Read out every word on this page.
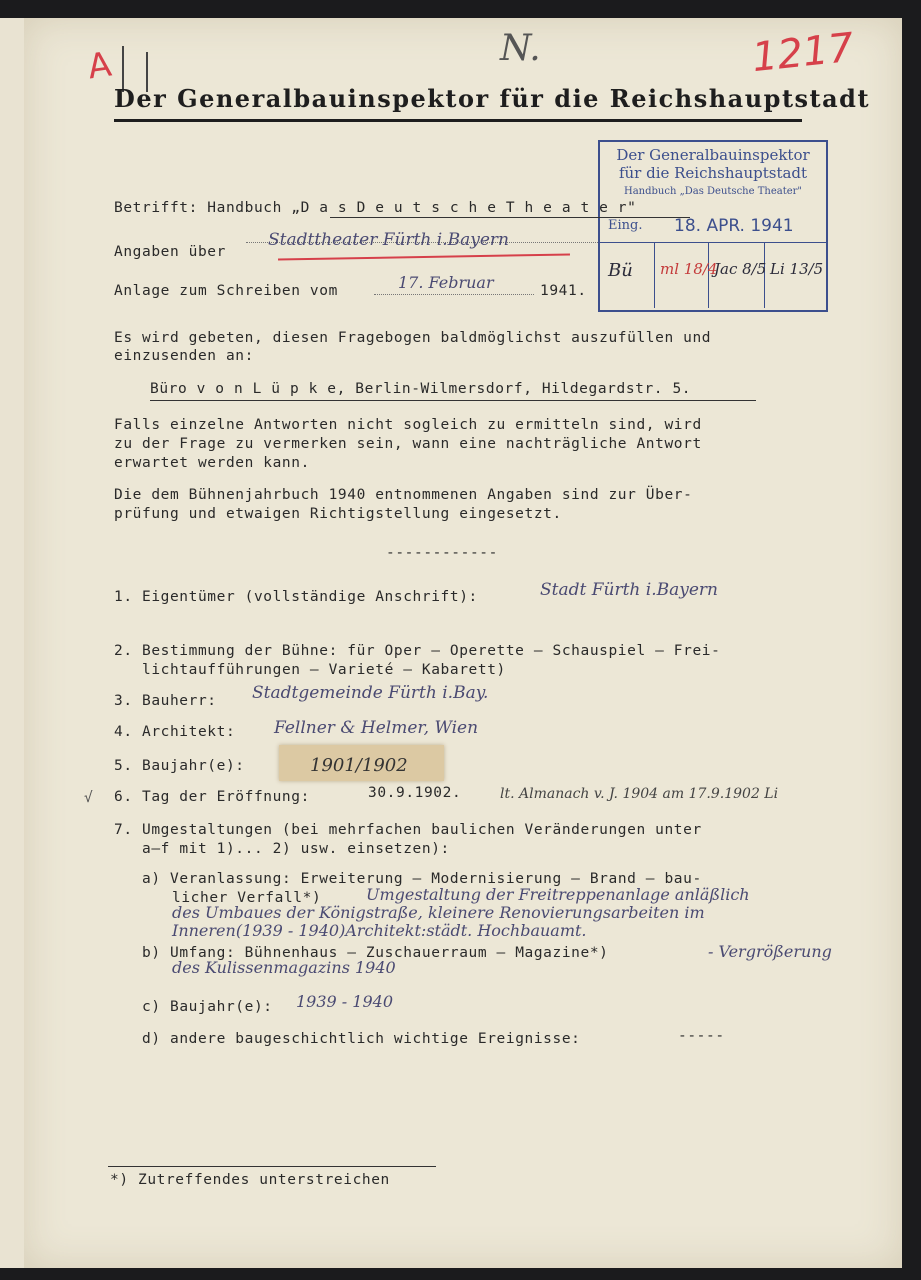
A	N.	1217
Der Generalbauinspektor für die Reichshauptstadt
Der Generalbauinspektor
für die Reichshauptstadt
Handbuch „Das Deutsche Theater"
Eing. 18. APR. 1941
Bü ml 18/4
Jac 8/5 Li 13/5
Betrifft: Handbuch „D a s D e u t s c h e T h e a t e r"
Angaben über
Stadttheater Fürth i.Bayern
Anlage zum Schreiben vom	17. Februar	1941.
Es wird gebeten, diesen Fragebogen baldmöglichst auszufüllen und
einzusenden an:
Büro v o n L ü p k e, Berlin-Wilmersdorf, Hildegardstr. 5.
Falls einzelne Antworten nicht sogleich zu ermitteln sind, wird
zu der Frage zu vermerken sein, wann eine nachträgliche Antwort
erwartet werden kann.
Die dem Bühnenjahrbuch 1940 entnommenen Angaben sind zur Über-
prüfung und etwaigen Richtigstellung eingesetzt.
------------
1. Eigentümer (vollständige Anschrift):	Stadt Fürth i.Bayern
2. Bestimmung der Bühne: für Oper — Operette — Schauspiel — Frei-
lichtaufführungen — Varieté — Kabarett)
3. Bauherr: Stadtgemeinde Fürth i.Bay.
4. Architekt: Fellner & Helmer, Wien
5. Baujahr(e):	1901/1902
√ 6. Tag der Eröffnung:	30.9.1902.	lt. Almanach v. J. 1904 am 17.9.1902 Li
7. Umgestaltungen (bei mehrfachen baulichen Veränderungen unter
a—f mit 1)... 2) usw. einsetzen):
a) Veranlassung: Erweiterung — Modernisierung — Brand — bau-
licher Verfall*)	Umgestaltung der Freitreppenanlage anläßlich
des Umbaues der Königstraße, kleinere Renovierungsarbeiten im
Inneren(1939 - 1940)Architekt:städt. Hochbauamt.
b) Umfang: Bühnenhaus — Zuschauerraum — Magazine*)	- Vergrößerung
des Kulissenmagazins 1940
c) Baujahr(e): 1939 - 1940
d) andere baugeschichtlich wichtige Ereignisse:	-----
*) Zutreffendes unterstreichen
